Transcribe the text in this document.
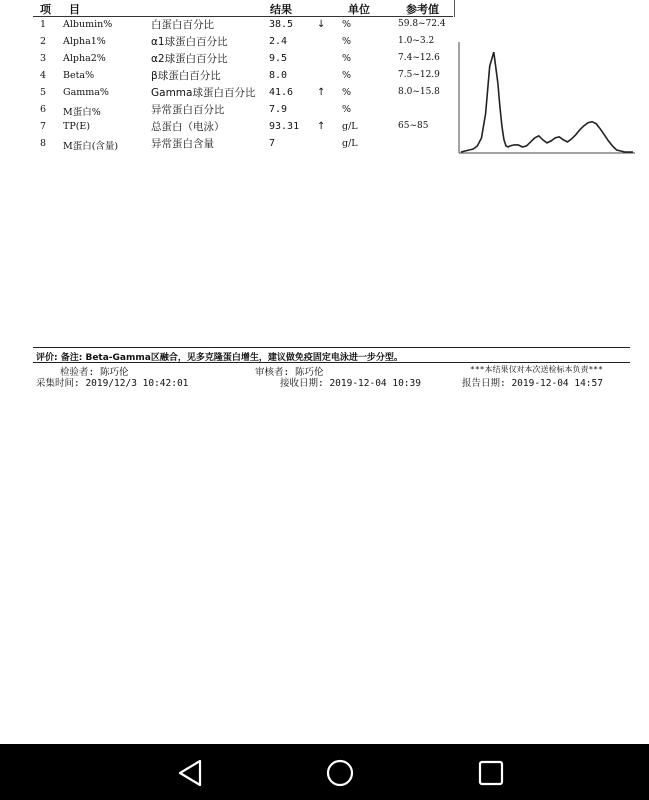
项目	结果	单位	参考值
1 Albumin%	白蛋白百分比	38.5 ↓ %	59.8~72.4
2 Alpha1%	α1球蛋白百分比	2.4	%	1.0~3.2
3 Alpha2%	α2球蛋白百分比	9.5	%	7.4~12.6
4 Beta%	β球蛋白百分比	8.0	%	7.5~12.9
5 Gamma%	Gamma球蛋白百分比 41.6 ↑ %	8.0~15.8
6 M蛋白%	异常蛋白百分比	7.9	%
7 TP(E)	总蛋白（电泳）	93.31 ↑ g/L	65~85
8 M蛋白(含量)	异常蛋白含量	7	g/L
评价: 备注: Beta-Gamma区融合，见多克隆蛋白增生，建议做免疫固定电泳进一步分型。
检验者: 陈巧伦	审核者: 陈巧伦	***本结果仅对本次送检标本负责***
采集时间: 2019/12/3 10:42:01	接收日期: 2019-12-04 10:39	报告日期: 2019-12-04 14:57
